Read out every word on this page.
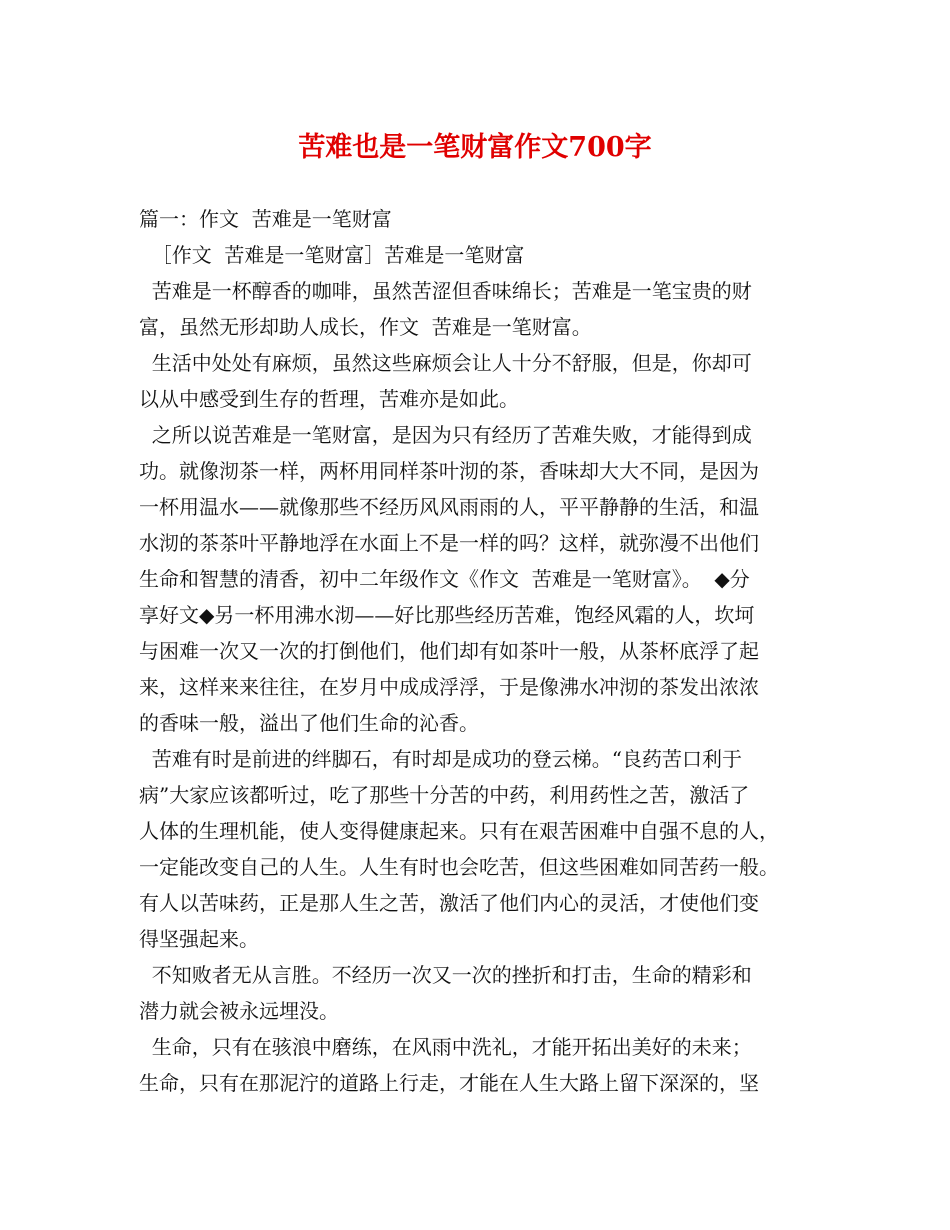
苦难也是一笔财富作文700字
篇一：作文  苦难是一笔财富
［作文  苦难是一笔财富］苦难是一笔财富
苦难是一杯醇香的咖啡，虽然苦涩但香味绵长；苦难是一笔宝贵的财
富，虽然无形却助人成长，作文  苦难是一笔财富。
生活中处处有麻烦，虽然这些麻烦会让人十分不舒服，但是，你却可
以从中感受到生存的哲理，苦难亦是如此。
之所以说苦难是一笔财富，是因为只有经历了苦难失败，才能得到成
功。就像沏茶一样，两杯用同样茶叶沏的茶，香味却大大不同，是因为
一杯用温水——就像那些不经历风风雨雨的人，平平静静的生活，和温
水沏的茶茶叶平静地浮在水面上不是一样的吗？这样，就弥漫不出他们
生命和智慧的清香，初中二年级作文《作文  苦难是一笔财富》。  ◆分
享好文◆另一杯用沸水沏——好比那些经历苦难，饱经风霜的人，坎坷
与困难一次又一次的打倒他们，他们却有如茶叶一般，从茶杯底浮了起
来，这样来来往往，在岁月中成成浮浮，于是像沸水冲沏的茶发出浓浓
的香味一般，溢出了他们生命的沁香。
苦难有时是前进的绊脚石，有时却是成功的登云梯。“良药苦口利于
病”大家应该都听过，吃了那些十分苦的中药，利用药性之苦，激活了
人体的生理机能，使人变得健康起来。只有在艰苦困难中自强不息的人，
一定能改变自己的人生。人生有时也会吃苦，但这些困难如同苦药一般。
有人以苦味药，正是那人生之苦，激活了他们内心的灵活，才使他们变
得坚强起来。
不知败者无从言胜。不经历一次又一次的挫折和打击，生命的精彩和
潜力就会被永远埋没。
生命，只有在骇浪中磨练，在风雨中洗礼，才能开拓出美好的未来；
生命，只有在那泥泞的道路上行走，才能在人生大路上留下深深的，坚
